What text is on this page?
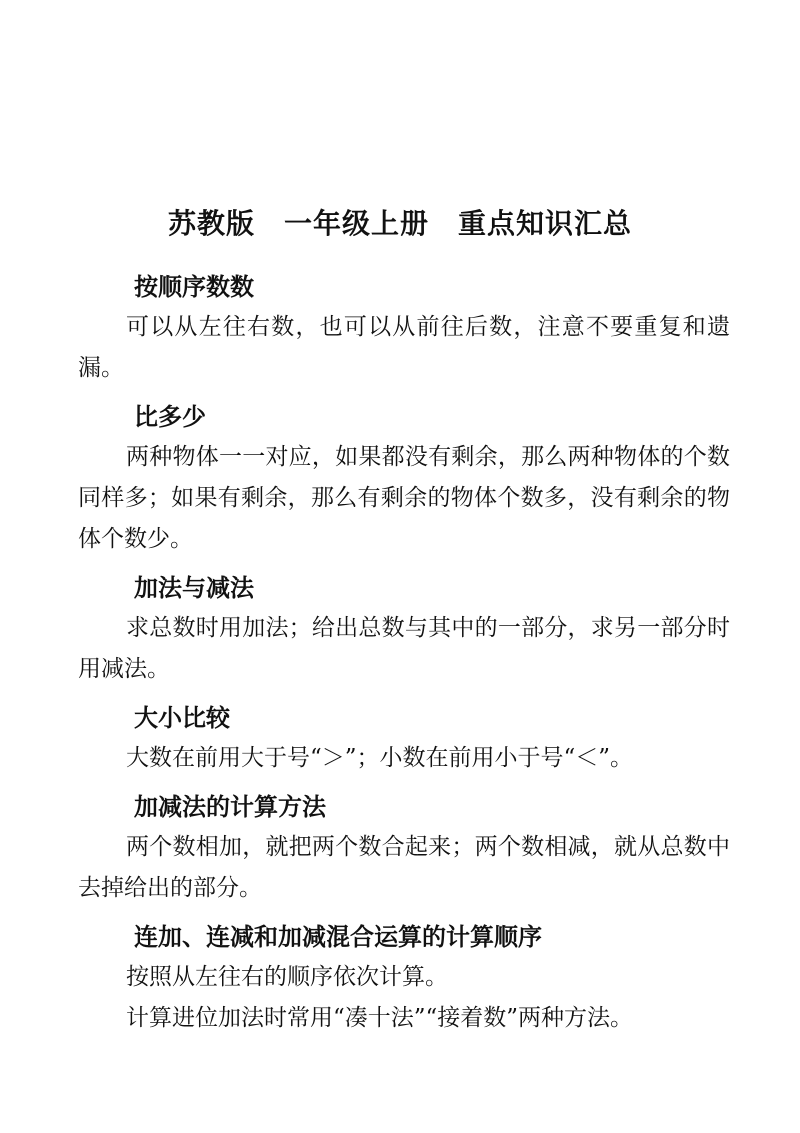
苏教版　一年级上册　重点知识汇总
按顺序数数

可以从左往右数，也可以从前往后数，注意不要重复和遗漏。

比多少

两种物体一一对应，如果都没有剩余，那么两种物体的个数同样多；如果有剩余，那么有剩余的物体个数多，没有剩余的物体个数少。

加法与减法

求总数时用加法；给出总数与其中的一部分，求另一部分时用减法。

大小比较

大数在前用大于号“＞”；小数在前用小于号“＜”。

加减法的计算方法

两个数相加，就把两个数合起来；两个数相减，就从总数中去掉给出的部分。

连加、连减和加减混合运算的计算顺序

按照从左往右的顺序依次计算。

计算进位加法时常用“凑十法”“接着数”两种方法。
